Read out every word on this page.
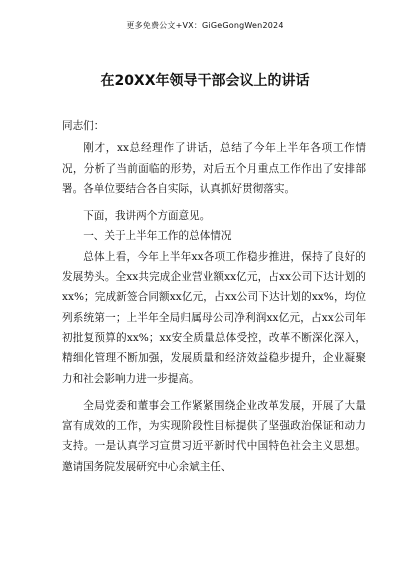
更多免费公文+VX：GiGeGongWen2024
在20XX年领导干部会议上的讲话

同志们：

刚才，xx总经理作了讲话，总结了今年上半年各项工作情况，分析了当前面临的形势，对后五个月重点工作作出了安排部署。各单位要结合各自实际，认真抓好贯彻落实。

下面，我讲两个方面意见。

一、关于上半年工作的总体情况

总体上看，今年上半年xx各项工作稳步推进，保持了良好的发展势头。全xx共完成企业营业额xx亿元，占xx公司下达计划的xx%；完成新签合同额xx亿元，占xx公司下达计划的xx%，均位列系统第一；上半年全局归属母公司净利润xx亿元，占xx公司年初批复预算的xx%；xx安全质量总体受控，改革不断深化深入，精细化管理不断加强，发展质量和经济效益稳步提升，企业凝聚力和社会影响力进一步提高。

全局党委和董事会工作紧紧围绕企业改革发展，开展了大量富有成效的工作，为实现阶段性目标提供了坚强政治保证和动力支持。一是认真学习宣贯习近平新时代中国特色社会主义思想。邀请国务院发展研究中心余斌主任、
